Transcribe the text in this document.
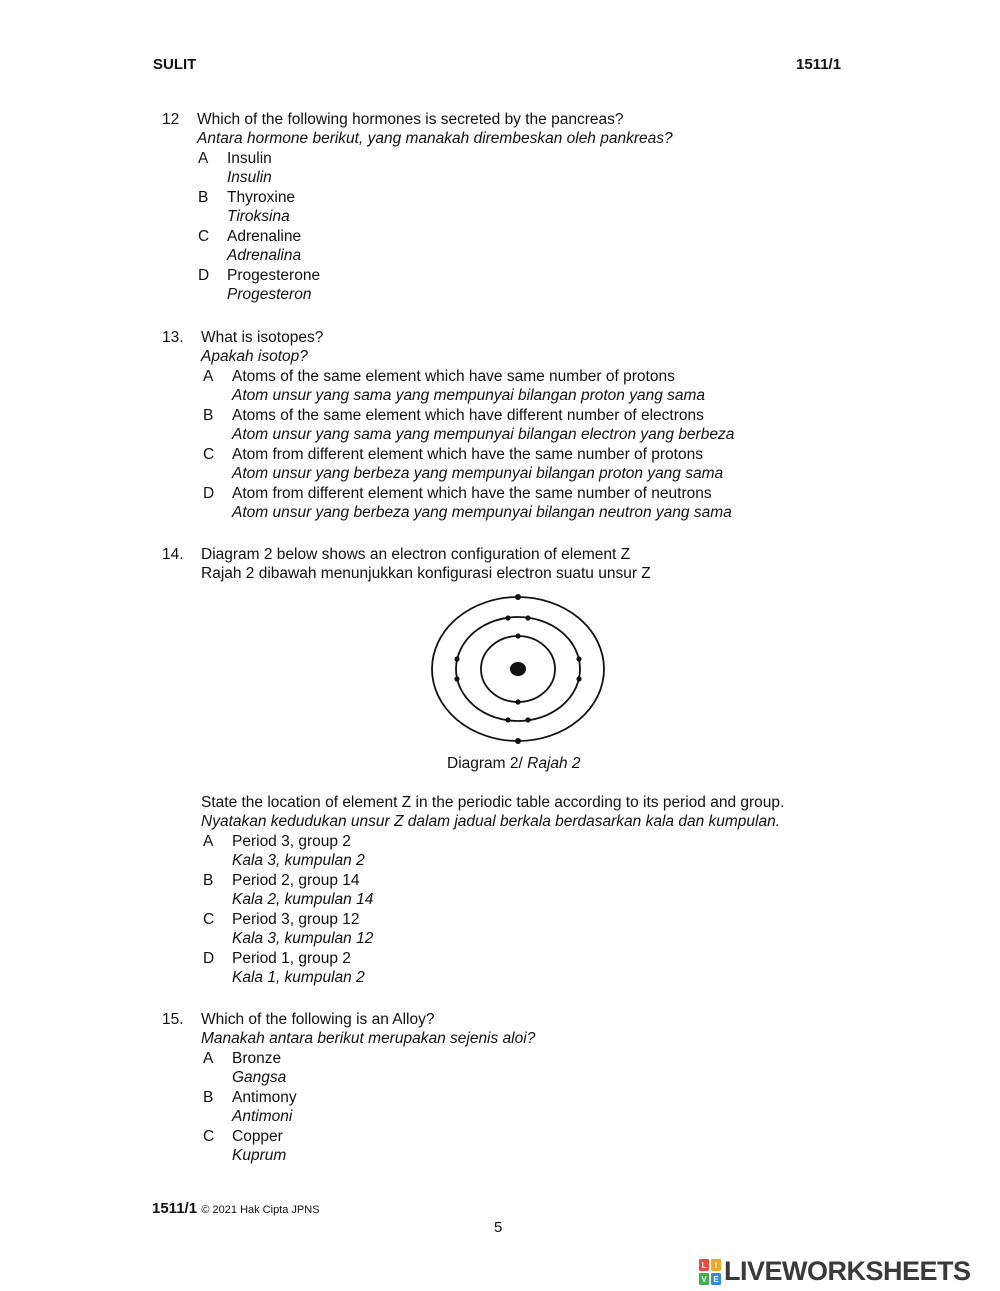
SULIT	1511/1
12 Which of the following hormones is secreted by the pancreas?
Antara hormone berikut, yang manakah dirembeskan oleh pankreas?
A Insulin
Insulin
B Thyroxine
Tiroksina
C Adrenaline
Adrenalina
D Progesterone
Progesteron
13. What is isotopes?
Apakah isotop?
A Atoms of the same element which have same number of protons
Atom unsur yang sama yang mempunyai bilangan proton yang sama
B Atoms of the same element which have different number of electrons
Atom unsur yang sama yang mempunyai bilangan electron yang berbeza
C Atom from different element which have the same number of protons
Atom unsur yang berbeza yang mempunyai bilangan proton yang sama
D Atom from different element which have the same number of neutrons
Atom unsur yang berbeza yang mempunyai bilangan neutron yang sama
14. Diagram 2 below shows an electron configuration of element Z
Rajah 2 dibawah menunjukkan konfigurasi electron suatu unsur Z
Diagram 2/ Rajah 2
State the location of element Z in the periodic table according to its period and group.
Nyatakan kedudukan unsur Z dalam jadual berkala berdasarkan kala dan kumpulan.
A Period 3, group 2
Kala 3, kumpulan 2
B Period 2, group 14
Kala 2, kumpulan 14
C Period 3, group 12
Kala 3, kumpulan 12
D Period 1, group 2
Kala 1, kumpulan 2
15. Which of the following is an Alloy?
Manakah antara berikut merupakan sejenis aloi?
A Bronze
Gangsa
B Antimony
Antimoni
C Copper
Kuprum
1511/1 © 2021 Hak Cipta JPNS
5
L I
V E LIVEWORKSHEETS
